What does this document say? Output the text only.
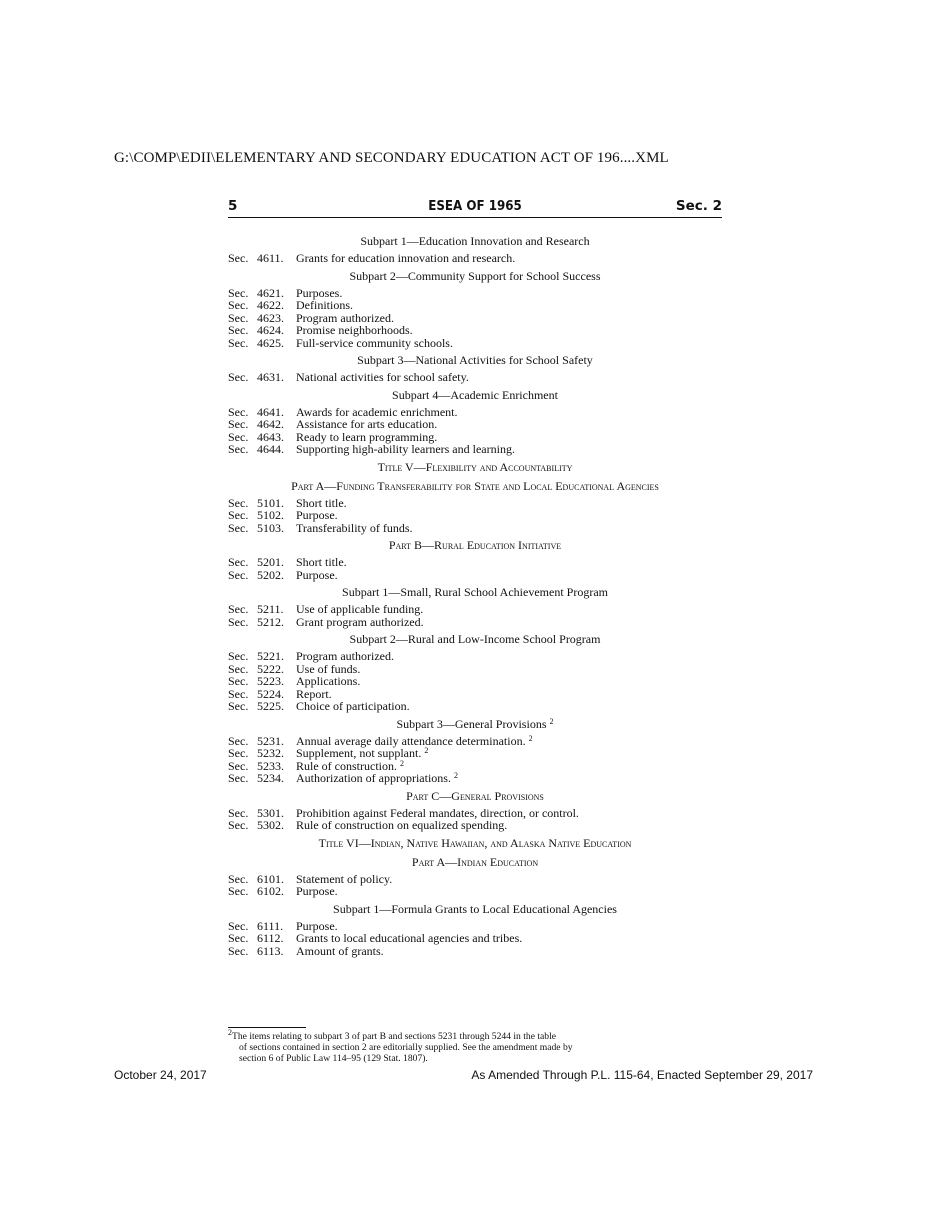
G:\COMP\EDII\ELEMENTARY AND SECONDARY EDUCATION ACT OF 196....XML
5	ESEA OF 1965	Sec. 2
Subpart 1—Education Innovation and Research
Sec. 4611. Grants for education innovation and research.
Subpart 2—Community Support for School Success
Sec. 4621. Purposes.
Sec. 4622. Definitions.
Sec. 4623. Program authorized.
Sec. 4624. Promise neighborhoods.
Sec. 4625. Full-service community schools.
Subpart 3—National Activities for School Safety
Sec. 4631. National activities for school safety.
Subpart 4—Academic Enrichment
Sec. 4641. Awards for academic enrichment.
Sec. 4642. Assistance for arts education.
Sec. 4643. Ready to learn programming.
Sec. 4644. Supporting high-ability learners and learning.
Title V—Flexibility and Accountability
Part A—Funding Transferability for State and Local Educational Agencies
Sec. 5101. Short title.
Sec. 5102. Purpose.
Sec. 5103. Transferability of funds.
Part B—Rural Education Initiative
Sec. 5201. Short title.
Sec. 5202. Purpose.
Subpart 1—Small, Rural School Achievement Program
Sec. 5211. Use of applicable funding.
Sec. 5212. Grant program authorized.
Subpart 2—Rural and Low-Income School Program
Sec. 5221. Program authorized.
Sec. 5222. Use of funds.
Sec. 5223. Applications.
Sec. 5224. Report.
Sec. 5225. Choice of participation.
Subpart 3—General Provisions $^2$
Sec. 5231. Annual average daily attendance determination. $^2$
Sec. 5232. Supplement, not supplant. $^2$
Sec. 5233. Rule of construction. $^2$
Sec. 5234. Authorization of appropriations. $^2$
Part C—General Provisions
Sec. 5301. Prohibition against Federal mandates, direction, or control.
Sec. 5302. Rule of construction on equalized spending.
Title VI—Indian, Native Hawaiian, and Alaska Native Education
Part A—Indian Education
Sec. 6101. Statement of policy.
Sec. 6102. Purpose.
Subpart 1—Formula Grants to Local Educational Agencies
Sec. 6111. Purpose.
Sec. 6112. Grants to local educational agencies and tribes.
Sec. 6113. Amount of grants.
$^2$The items relating to subpart 3 of part B and sections 5231 through 5244 in the table
of sections contained in section 2 are editorially supplied. See the amendment made by
section 6 of Public Law 114–95 (129 Stat. 1807).
October 24, 2017	As Amended Through P.L. 115-64, Enacted September 29, 2017
